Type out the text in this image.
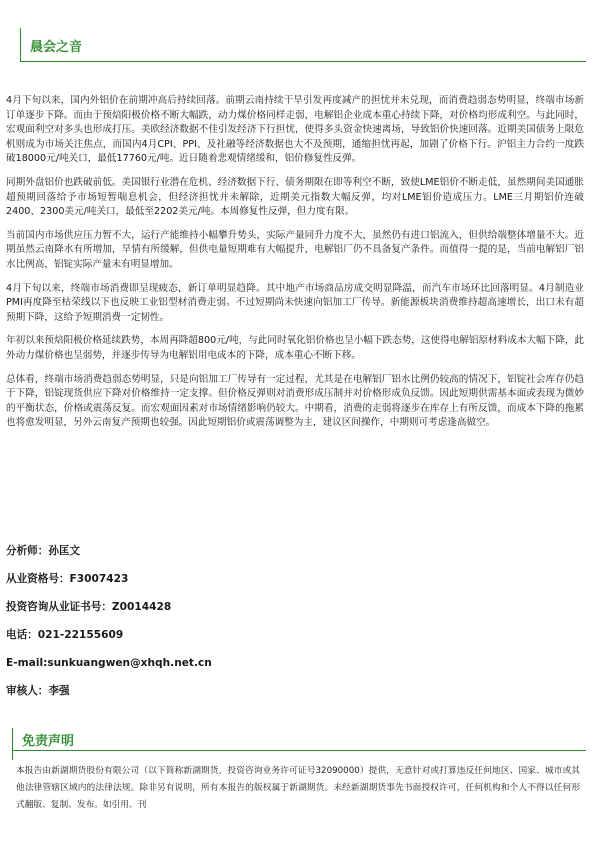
晨会之音

4月下旬以来，国内外铝价在前期冲高后持续回落。前期云南持续干旱引发再度减产的担忧并未兑现，而消费趋弱态势明显，终端市场新订单逐步下降。而由于预焙阳极价格不断大幅跌，动力煤价格同样走弱，电解铝企业成本重心持续下降，对价格均形成利空。与此同时，宏观面利空对多头也形成打压。美欧经济数据不佳引发经济下行担忧，使得多头资金快速离场，导致铝价快速回落。近期美国债务上限危机则成为市场关注焦点，而国内4月CPI、PPI、及社融等经济数据也大不及预期，通缩担忧再起，加剧了价格下行。沪铝主力合约一度跌破18000元/吨关口，最低17760元/吨。近日随着悲观情绪缓和，铝价修复性反弹。

同期外盘铝价也跌破前低。美国银行业潜在危机、经济数据下行、债务期限在即等利空不断，致使LME铝价不断走低，虽然期间美国通胀超预期回落给予市场短暂喘息机会，但经济担忧并未解除，近期美元指数大幅反弹，均对LME铝价造成压力。LME三月期铝价连破2400、2300美元/吨关口，最低至2202美元/吨。本周修复性反弹，但力度有限。

当前国内市场供应压力暂不大，运行产能维持小幅攀升势头，实际产量同升力度不大，虽然仍有进口铝流入，但供给端整体增量不大。近期虽然云南降水有所增加，旱情有所缓解，但供电量短期难有大幅提升，电解铝厂仍不具备复产条件。而值得一提的是，当前电解铝厂铝水比例高，铝锭实际产量未有明显增加。

4月下旬以来，终端市场消费即呈现疲态，新订单明显趋降。其中地产市场商品房成交明显降温，而汽车市场环比回落明显。4月制造业PMI再度降至枯荣线以下也反映工业铝型材消费走弱。不过短期尚未快速向铝加工厂传导。新能源板块消费维持超高速增长，出口未有超预期下降，这给予短期消费一定韧性。

年初以来预焙阳极价格延续跌势，本周再降超800元/吨，与此同时氧化铝价格也呈小幅下跌态势，这使得电解铝原材料成本大幅下降，此外动力煤价格也呈弱势，并逐步传导为电解铝用电成本的下降，成本重心不断下移。

总体看，终端市场消费趋弱态势明显，只是向铝加工厂传导有一定过程，尤其是在电解铝厂铝水比例仍较高的情况下，铝锭社会库存仍趋于下降，铝锭现货供应下降对价格维持一定支撑。但价格反弹则对消费形成压制并对价格形成负反馈。因此短期供需基本面或表现为微妙的平衡状态，价格或震荡反复。而宏观面因素对市场情绪影响仍较大。中期看，消费的走弱将逐步在库存上有所反馈，而成本下降的拖累也将愈发明显，另外云南复产预期也较强。因此短期铝价或震荡调整为主，建议区间操作，中期则可考虑逢高做空。

分析师：孙匡文
从业资格号：F3007423
投资咨询从业证书号：Z0014428
电话：021-22155609
E-mail:sunkuangwen@xhqh.net.cn
审核人：李强
免责声明
本报告由新湖期货股份有限公司（以下简称新湖期货，投资咨询业务许可证号32090000）提供，无意针对或打算违反任何地区、国家、城市或其他法律管辖区域内的法律法规。除非另有说明，所有本报告的版权属于新湖期货。未经新湖期货事先书面授权许可，任何机构和个人不得以任何形式翻版、复制、发布。如引用、刊
